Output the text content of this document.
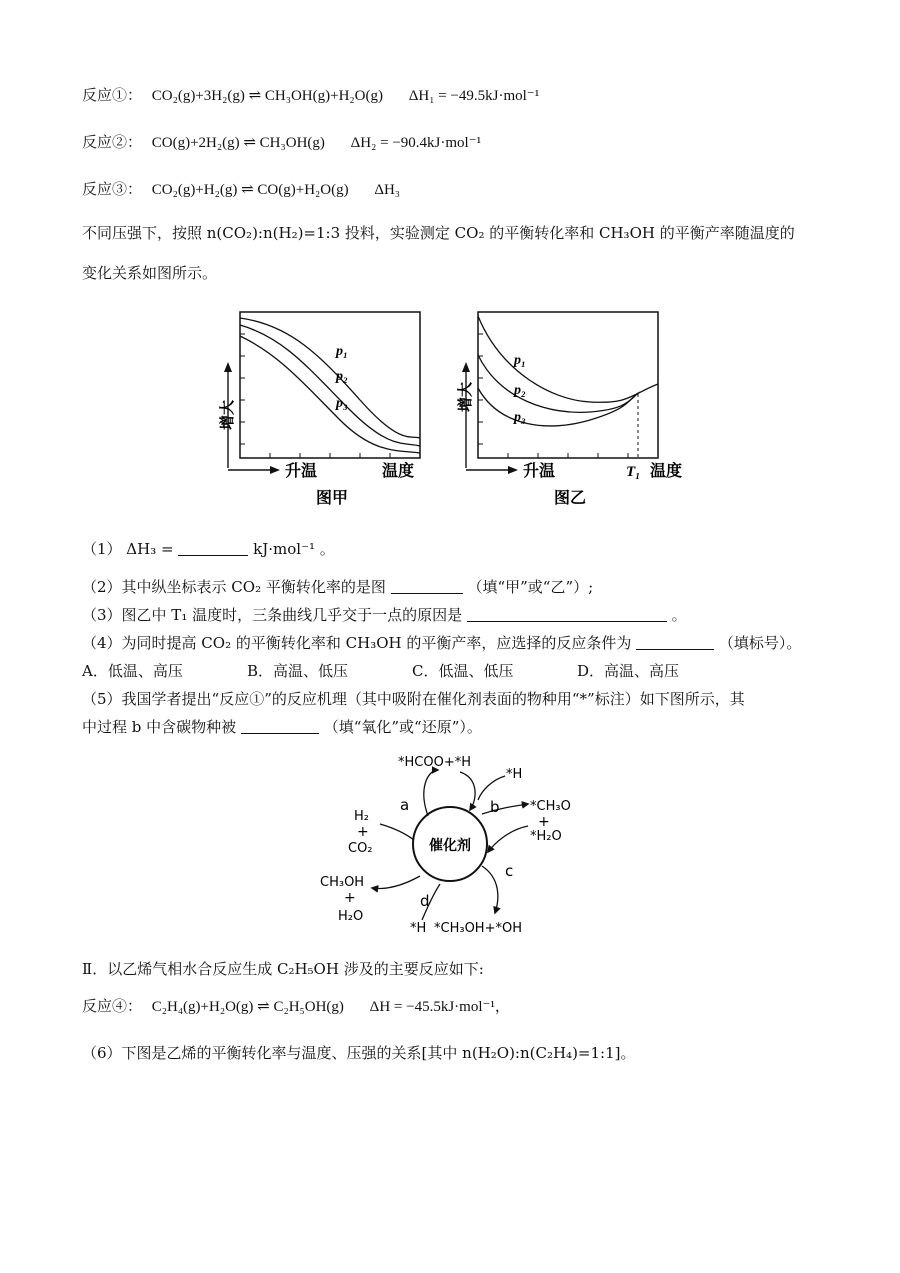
反应①： CO₂(g)+3H₂(g) ⇌ CH₃OH(g)+H₂O(g) ΔH₁ = −49.5kJ·mol⁻¹
反应②： CO(g)+2H₂(g) ⇌ CH₃OH(g) ΔH₂ = −90.4kJ·mol⁻¹
反应③： CO₂(g)+H₂(g) ⇌ CO(g)+H₂O(g) ΔH₃
不同压强下，按照 n(CO₂):n(H₂)=1:3 投料，实验测定 CO₂ 的平衡转化率和 CH₃OH 的平衡产率随温度的
变化关系如图所示。
p₁
p₂
p₃
增大
升温	温度
图甲
p₁
p₂
p₃
增大
升温	T₁ 温度
图乙
（1） ΔH₃ =	kJ·mol⁻¹ 。
（2）其中纵坐标表示 CO₂ 平衡转化率的是图	（填“甲”或“乙”）;
（3）图乙中 T₁ 温度时，三条曲线几乎交于一点的原因是	。
（4）为同时提高 CO₂ 的平衡转化率和 CH₃OH 的平衡产率，应选择的反应条件为	（填标号）。
A．低温、高压	B．高温、低压	C．低温、低压	D．高温、高压
（5）我国学者提出“反应①”的反应机理（其中吸附在催化剂表面的物种用“*”标注）如下图所示，其
中过程 b 中含碳物种被	（填“氧化”或“还原”）。
催化剂
*HCOO+*H
*H
a	b *CH₃O
+
*H₂O
c
d
*H *CH₃OH+*OH
H₂
+
CO₂
CH₃OH
+
H₂O
Ⅱ．以乙烯气相水合反应生成 C₂H₅OH 涉及的主要反应如下:
反应④： C₂H₄(g)+H₂O(g) ⇌ C₂H₅OH(g) ΔH = −45.5kJ·mol⁻¹，
（6）下图是乙烯的平衡转化率与温度、压强的关系[其中 n(H₂O):n(C₂H₄)=1:1]。
